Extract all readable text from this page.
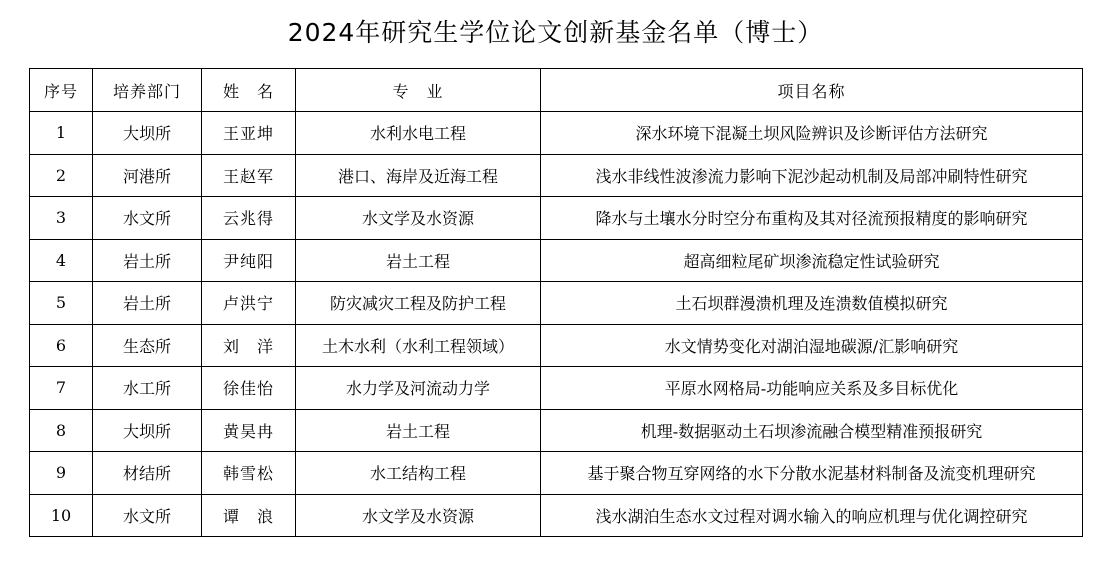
2024年研究生学位论文创新基金名单（博士）
序号	培养部门	姓　名	专　业	项目名称
1	大坝所	王亚坤	水利水电工程	深水环境下混凝土坝风险辨识及诊断评估方法研究
2	河港所	王赵军	港口、海岸及近海工程	浅水非线性波渗流力影响下泥沙起动机制及局部冲刷特性研究
3	水文所	云兆得	水文学及水资源	降水与土壤水分时空分布重构及其对径流预报精度的影响研究
4	岩土所	尹纯阳	岩土工程	超高细粒尾矿坝渗流稳定性试验研究
5	岩土所	卢洪宁	防灾减灾工程及防护工程	土石坝群漫溃机理及连溃数值模拟研究
6	生态所	刘　洋	土木水利（水利工程领域）	水文情势变化对湖泊湿地碳源/汇影响研究
7	水工所	徐佳怡	水力学及河流动力学	平原水网格局-功能响应关系及多目标优化
8	大坝所	黄昊冉	岩土工程	机理-数据驱动土石坝渗流融合模型精准预报研究
9	材结所	韩雪松	水工结构工程	基于聚合物互穿网络的水下分散水泥基材料制备及流变机理研究
10	水文所	谭　浪	水文学及水资源	浅水湖泊生态水文过程对调水输入的响应机理与优化调控研究
